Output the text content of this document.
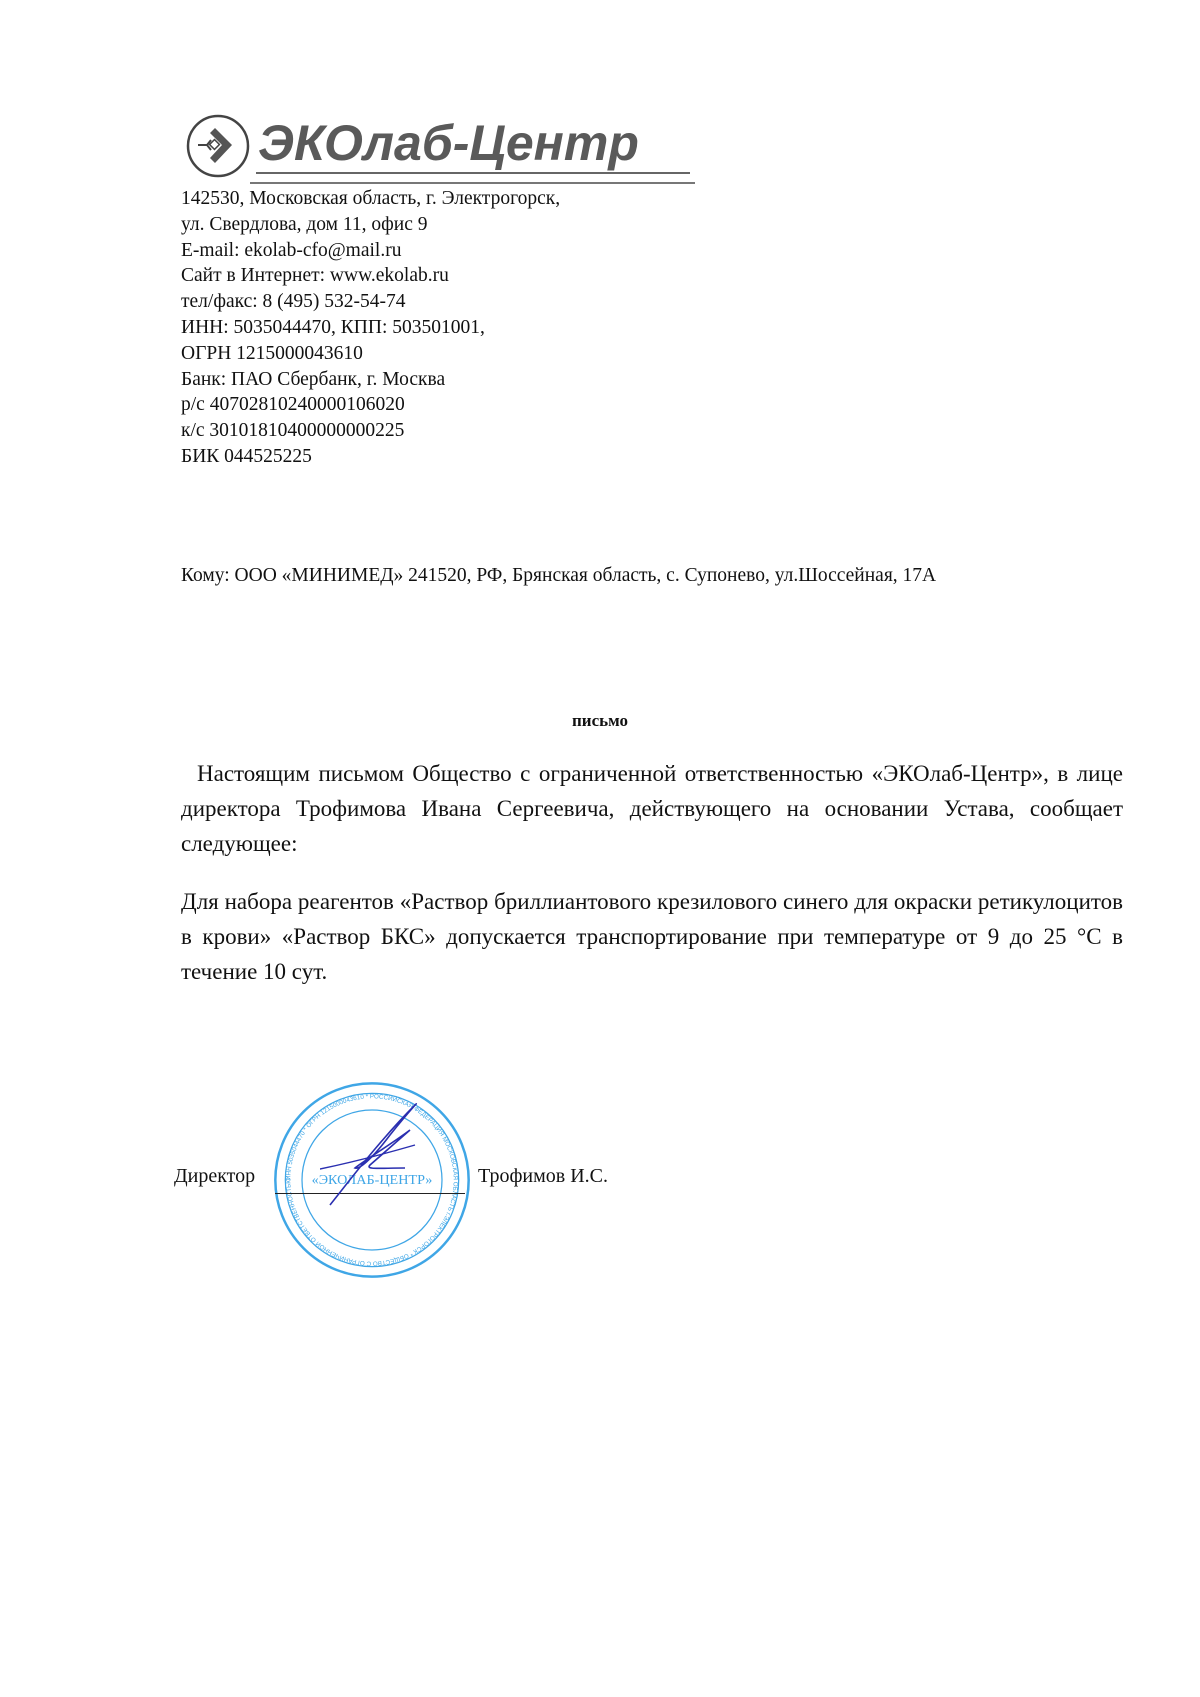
ЭКОлаб-Центр
142530, Московская область, г. Электрогорск,
ул. Свердлова, дом 11, офис 9
E-mail: ekolab-cfo@mail.ru
Сайт в Интернет: www.ekolab.ru
тел/факс: 8 (495) 532-54-74
ИНН: 5035044470, КПП: 503501001,
ОГРН 1215000043610
Банк: ПАО Сбербанк, г. Москва
р/с 40702810240000106020
к/с 30101810400000000225
БИК 044525225
Кому: ООО «МИНИМЕД» 241520, РФ, Брянская область, с. Супонево, ул.Шоссейная, 17А
письмо
Настоящим письмом Общество с ограниченной ответственностью «ЭКОлаб-Центр», в лице директора Трофимова Ивана Сергеевича, действующего на основании Устава, сообщает следующее:
Для набора реагентов «Раствор бриллиантового крезилового синего для окраски ретикулоцитов в крови» «Раствор БКС» допускается транспортирование при температуре от 9 до 25 °С в течение 10 сут.
ИНН 5035044470 * ОГРН 1215000043610 * РОССИЙСКАЯ ФЕДЕРАЦИЯ МОСКОВСКАЯ ОБЛАСТЬ г.ЭЛЕКТРОГОРСК * ОБЩЕСТВО С ОГРАНИЧЕННОЙ ОТВЕТСТВЕННОСТЬЮ	«ЭКОЛАБ-ЦЕНТР»
Директор	Трофимов И.С.
